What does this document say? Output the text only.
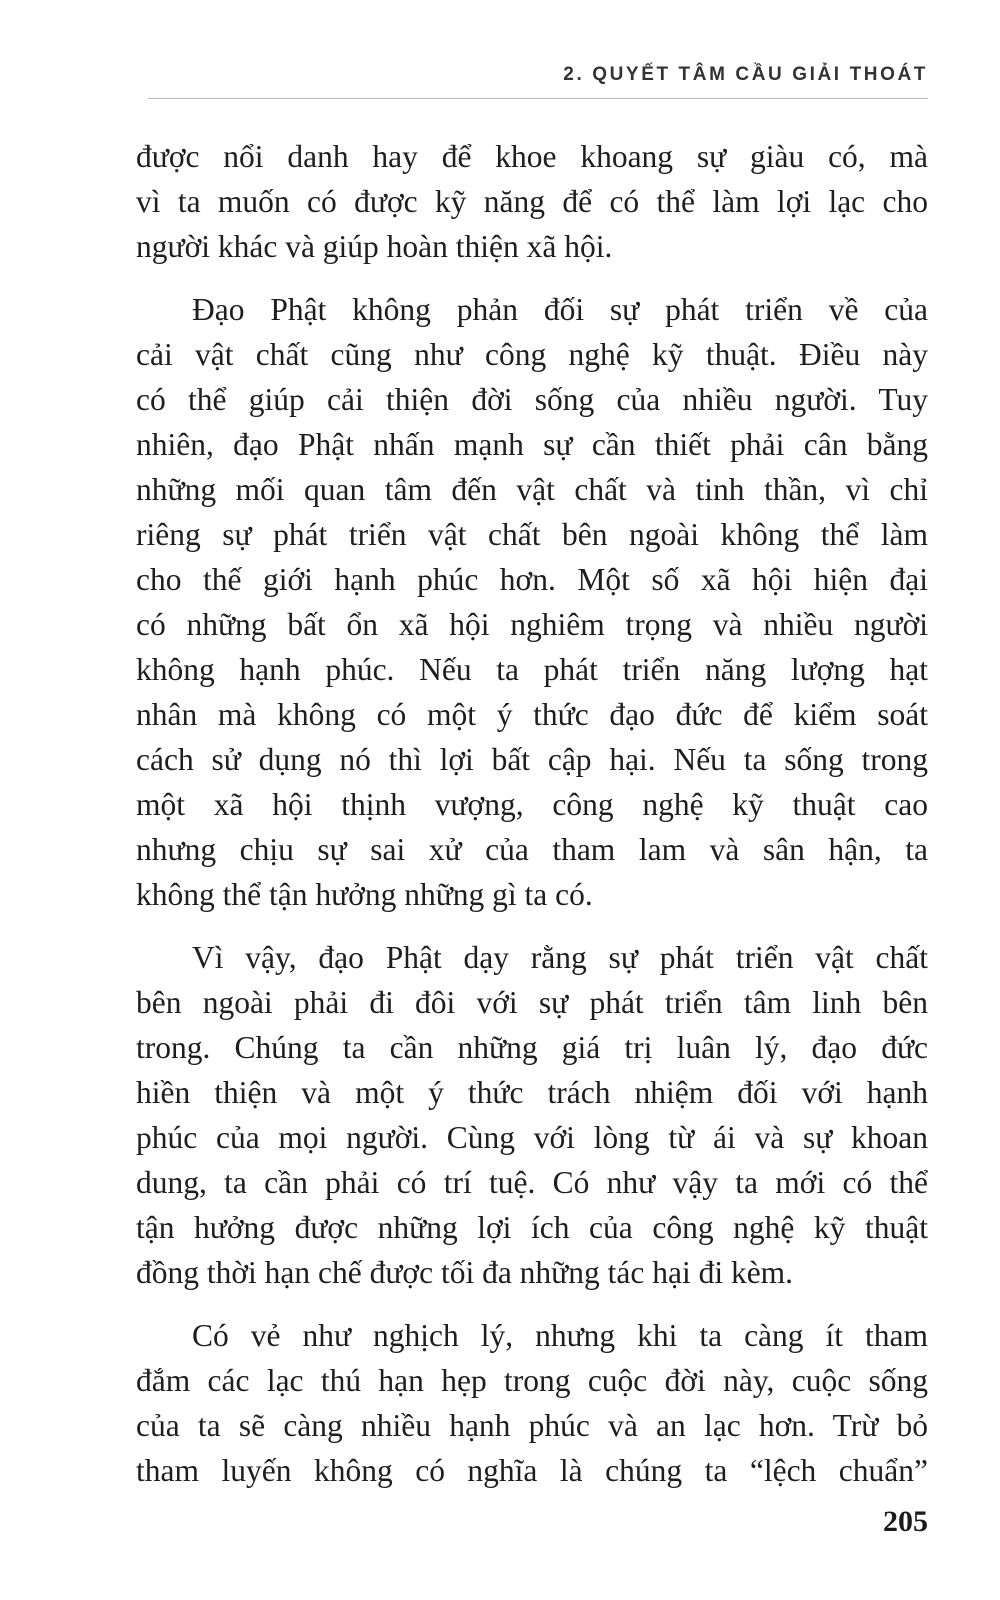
2. QUYẾT TÂM CẦU GIẢI THOÁT

được nổi danh hay để khoe khoang sự giàu có, mà
vì ta muốn có được kỹ năng để có thể làm lợi lạc cho
người khác và giúp hoàn thiện xã hội.

Đạo Phật không phản đối sự phát triển về của
cải vật chất cũng như công nghệ kỹ thuật. Điều này
có thể giúp cải thiện đời sống của nhiều người. Tuy
nhiên, đạo Phật nhấn mạnh sự cần thiết phải cân bằng
những mối quan tâm đến vật chất và tinh thần, vì chỉ
riêng sự phát triển vật chất bên ngoài không thể làm
cho thế giới hạnh phúc hơn. Một số xã hội hiện đại
có những bất ổn xã hội nghiêm trọng và nhiều người
không hạnh phúc. Nếu ta phát triển năng lượng hạt
nhân mà không có một ý thức đạo đức để kiểm soát
cách sử dụng nó thì lợi bất cập hại. Nếu ta sống trong
một xã hội thịnh vượng, công nghệ kỹ thuật cao
nhưng chịu sự sai xử của tham lam và sân hận, ta
không thể tận hưởng những gì ta có.

Vì vậy, đạo Phật dạy rằng sự phát triển vật chất
bên ngoài phải đi đôi với sự phát triển tâm linh bên
trong. Chúng ta cần những giá trị luân lý, đạo đức
hiền thiện và một ý thức trách nhiệm đối với hạnh
phúc của mọi người. Cùng với lòng từ ái và sự khoan
dung, ta cần phải có trí tuệ. Có như vậy ta mới có thể
tận hưởng được những lợi ích của công nghệ kỹ thuật
đồng thời hạn chế được tối đa những tác hại đi kèm.

Có vẻ như nghịch lý, nhưng khi ta càng ít tham
đắm các lạc thú hạn hẹp trong cuộc đời này, cuộc sống
của ta sẽ càng nhiều hạnh phúc và an lạc hơn. Trừ bỏ
tham luyến không có nghĩa là chúng ta “lệch chuẩn”

205
